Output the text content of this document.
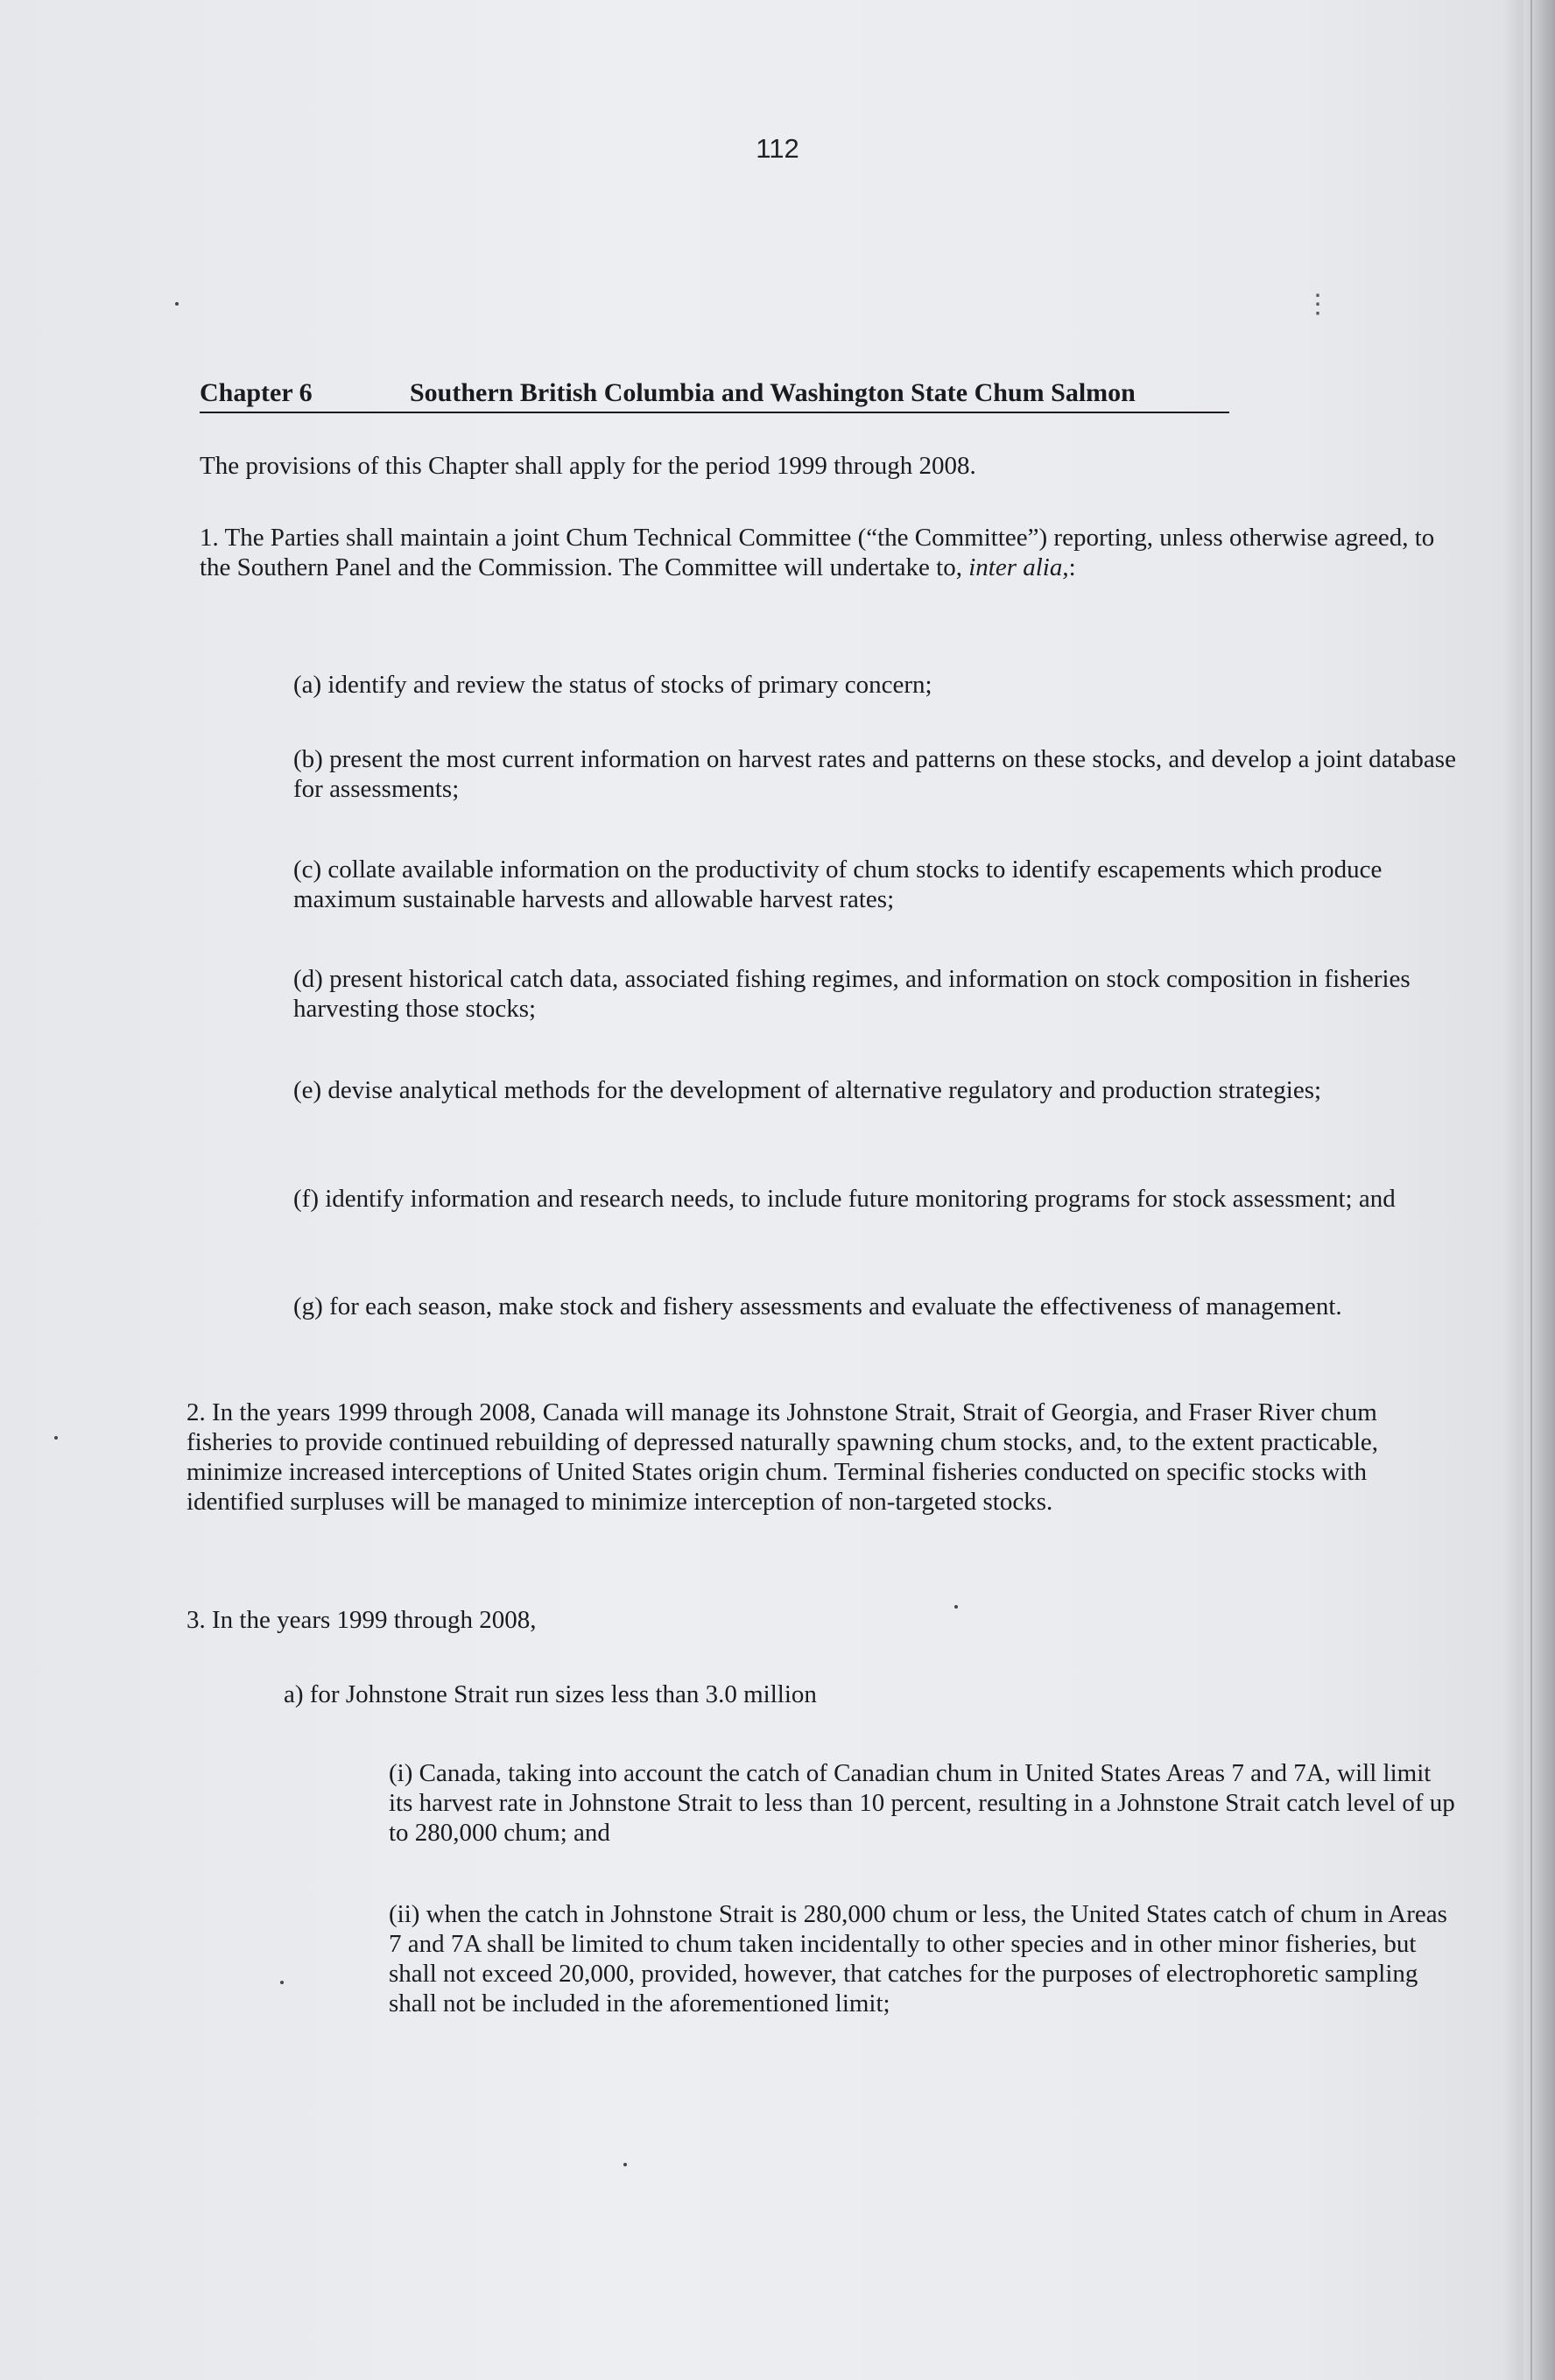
112
⋮
Chapter 6	Southern British Columbia and Washington State Chum Salmon
The provisions of this Chapter shall apply for the period 1999 through 2008.
1. The Parties shall maintain a joint Chum Technical Committee (“the Committee”) reporting, unless otherwise agreed, to the Southern Panel and the Commission. The Committee will undertake to, inter alia,:
(a) identify and review the status of stocks of primary concern;
(b) present the most current information on harvest rates and patterns on these stocks, and develop a joint database for assessments;
(c) collate available information on the productivity of chum stocks to identify escapements which produce maximum sustainable harvests and allowable harvest rates;
(d) present historical catch data, associated fishing regimes, and information on stock composition in fisheries harvesting those stocks;
(e) devise analytical methods for the development of alternative regulatory and production strategies;
(f) identify information and research needs, to include future monitoring programs for stock assessment; and
(g) for each season, make stock and fishery assessments and evaluate the effectiveness of management.
2. In the years 1999 through 2008, Canada will manage its Johnstone Strait, Strait of Georgia, and Fraser River chum fisheries to provide continued rebuilding of depressed naturally spawning chum stocks, and, to the extent practicable, minimize increased interceptions of United States origin chum. Terminal fisheries conducted on specific stocks with identified surpluses will be managed to minimize interception of non-targeted stocks.
3. In the years 1999 through 2008,
a) for Johnstone Strait run sizes less than 3.0 million
(i) Canada, taking into account the catch of Canadian chum in United States Areas 7 and 7A, will limit its harvest rate in Johnstone Strait to less than 10 percent, resulting in a Johnstone Strait catch level of up to 280,000 chum; and
(ii) when the catch in Johnstone Strait is 280,000 chum or less, the United States catch of chum in Areas 7 and 7A shall be limited to chum taken incidentally to other species and in other minor fisheries, but shall not exceed 20,000, provided, however, that catches for the purposes of electrophoretic sampling shall not be included in the aforementioned limit;
